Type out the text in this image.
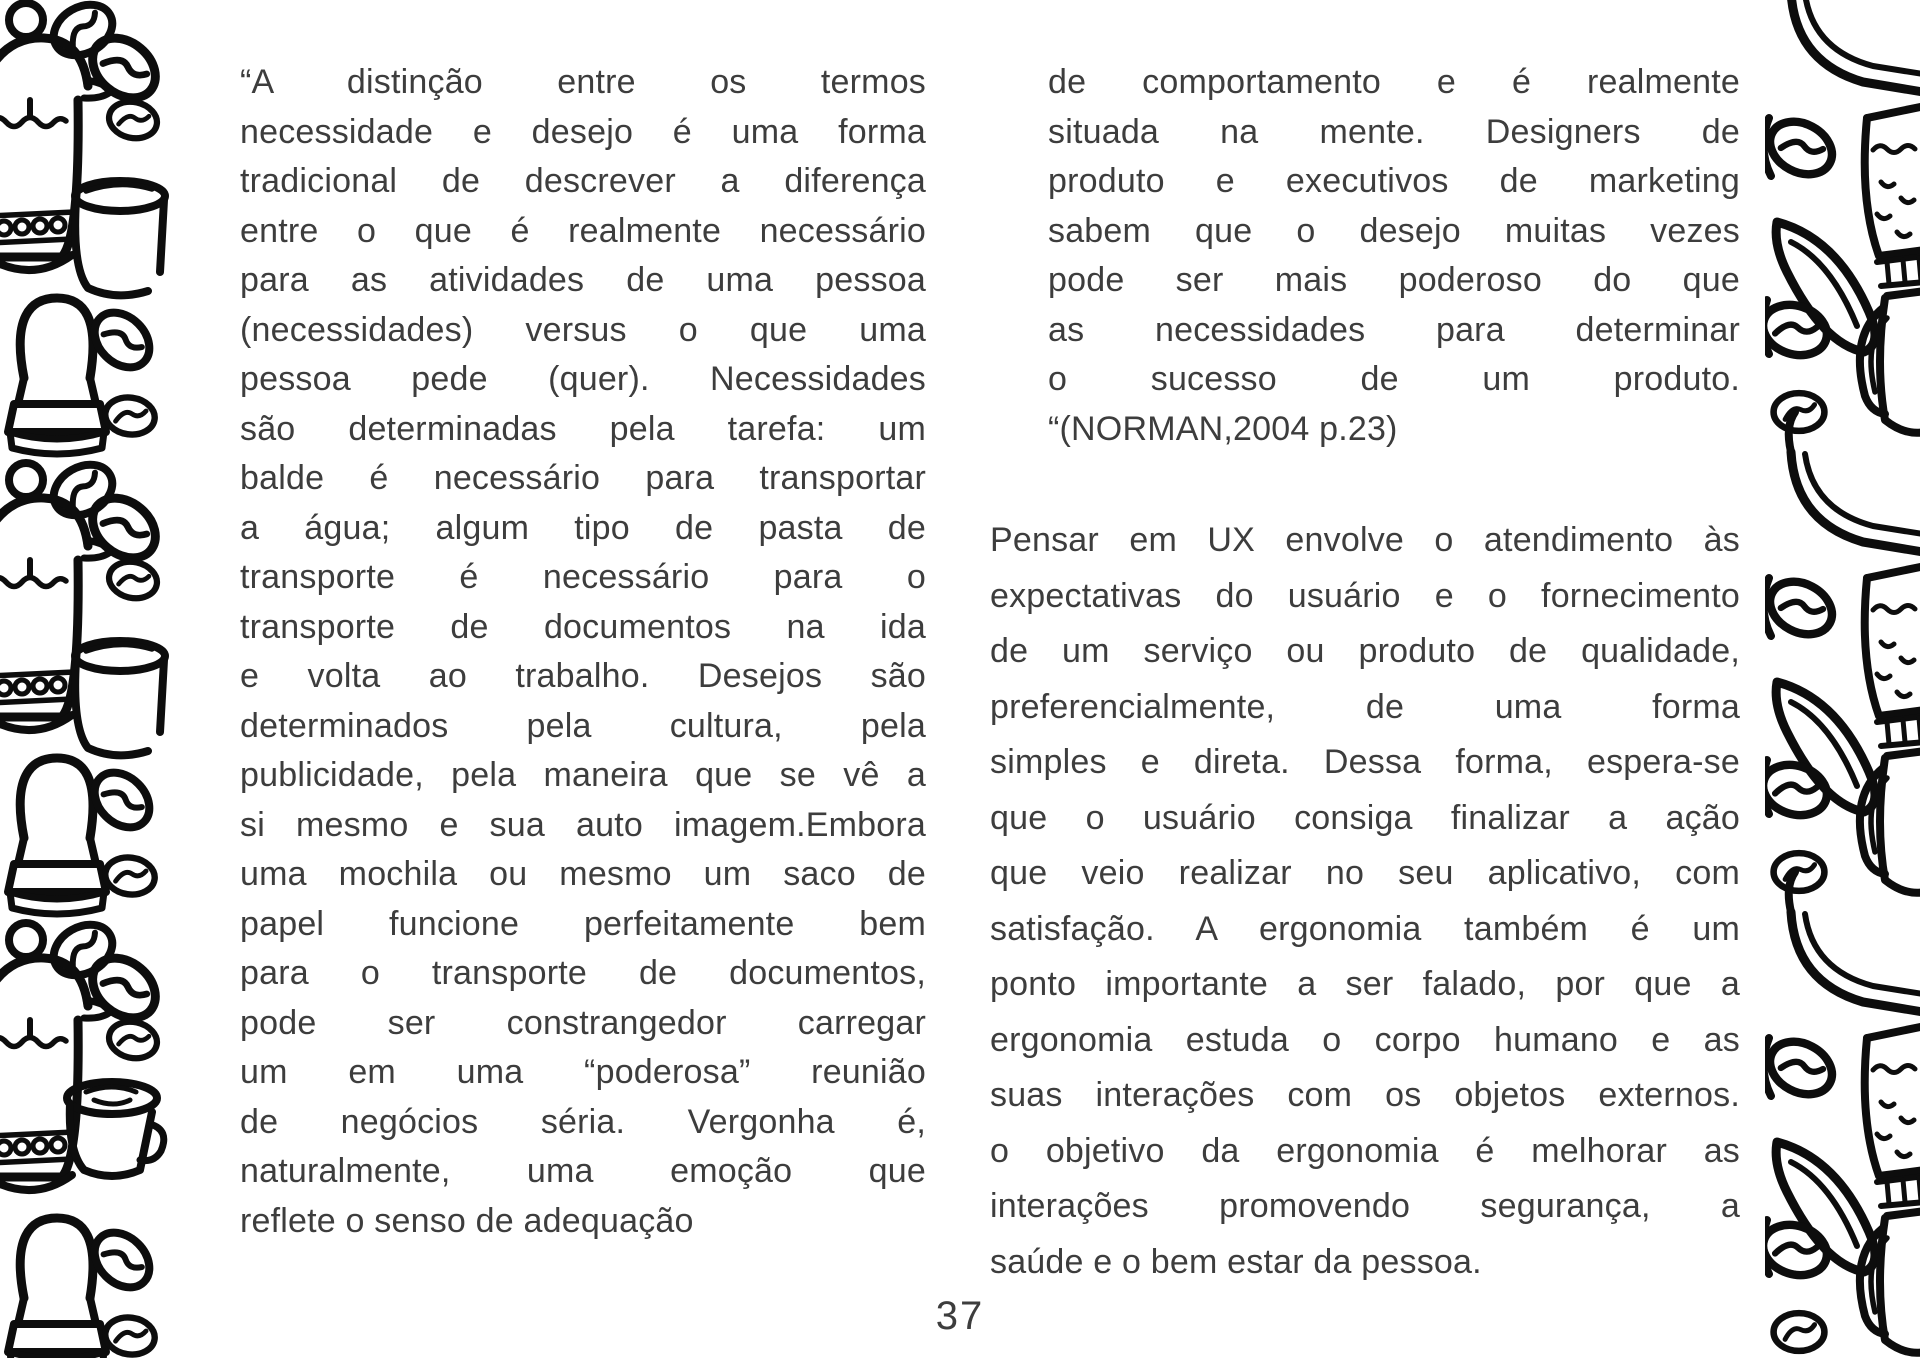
“A distinção entre os termos
necessidade e desejo é uma forma
tradicional de descrever a diferença
entre o que é realmente necessário
para as atividades de uma pessoa
(necessidades) versus o que uma
pessoa pede (quer). Necessidades
são determinadas pela tarefa: um
balde é necessário para transportar
a água; algum tipo de pasta de
transporte é necessário para o
transporte de documentos na ida
e volta ao trabalho. Desejos são
determinados pela cultura, pela
publicidade, pela maneira que se vê a
si mesmo e sua auto imagem.Embora
uma mochila ou mesmo um saco de
papel funcione perfeitamente bem
para o transporte de documentos,
pode ser constrangedor carregar
um em uma “poderosa” reunião
de negócios séria. Vergonha é,
naturalmente, uma emoção que
reflete o senso de adequação
de comportamento e é realmente
situada na mente. Designers de
produto e executivos de marketing
sabem que o desejo muitas vezes
pode ser mais poderoso do que
as necessidades para determinar
o sucesso de um produto.
“(NORMAN,2004 p.23)
Pensar em UX envolve o atendimento às
expectativas do usuário e o fornecimento
de um serviço ou produto de qualidade,
preferencialmente, de uma forma
simples e direta. Dessa forma, espera-se
que o usuário consiga finalizar a ação
que veio realizar no seu aplicativo, com
satisfação. A ergonomia também é um
ponto importante a ser falado, por que a
ergonomia estuda o corpo humano e as
suas interações com os objetos externos.
o objetivo da ergonomia é melhorar as
interações promovendo segurança, a
saúde e o bem estar da pessoa.
37
